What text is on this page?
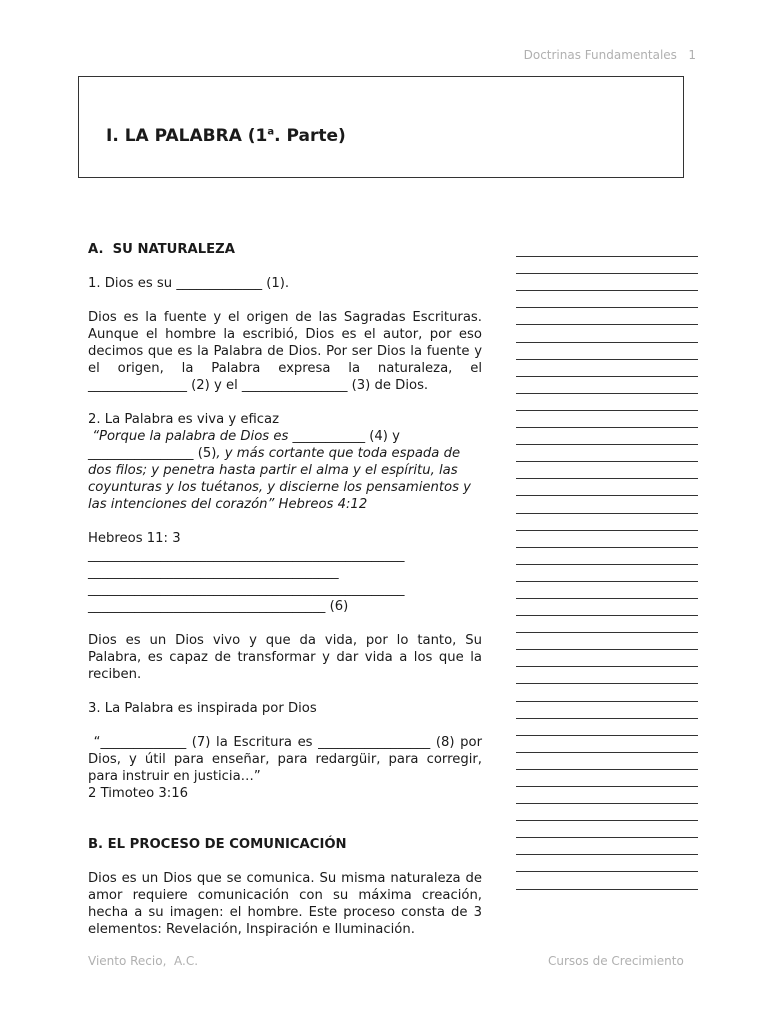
Doctrinas Fundamentales   1
I. LA PALABRA (1$^a$. Parte)

A.  SU NATURALEZA

1. Dios es su _____________ (1).

Dios es la fuente y el origen de las Sagradas Escrituras. Aunque el hombre la escribió, Dios es el autor, por eso decimos que es la Palabra de Dios. Por ser Dios la fuente y el origen, la Palabra expresa la naturaleza, el _______________ (2) y el ________________ (3) de Dios.

2. La Palabra es viva y eficaz

“Porque la palabra de Dios es ___________ (4) y ________________ (5), y más cortante que toda espada de dos filos; y penetra hasta partir el alma y el espíritu, las coyunturas y los tuétanos, y discierne los pensamientos y las intenciones del corazón” Hebreos 4:12

Hebreos 11: 3

________________________________________________

______________________________________

________________________________________________

____________________________________ (6)

Dios es un Dios vivo y que da vida, por lo tanto, Su Palabra, es capaz de transformar y dar vida a los que la reciben.

3. La Palabra es inspirada por Dios

“_____________ (7) la Escritura es _________________ (8) por Dios, y útil para enseñar, para redargüir, para corregir, para instruir en justicia…”

2 Timoteo 3:16

B. EL PROCESO DE COMUNICACIÓN

Dios es un Dios que se comunica. Su misma naturaleza de amor requiere comunicación con su máxima creación, hecha a su imagen: el hombre. Este proceso consta de 3 elementos: Revelación, Inspiración e Iluminación.

Viento Recio,  A.C.	Cursos de Crecimiento
